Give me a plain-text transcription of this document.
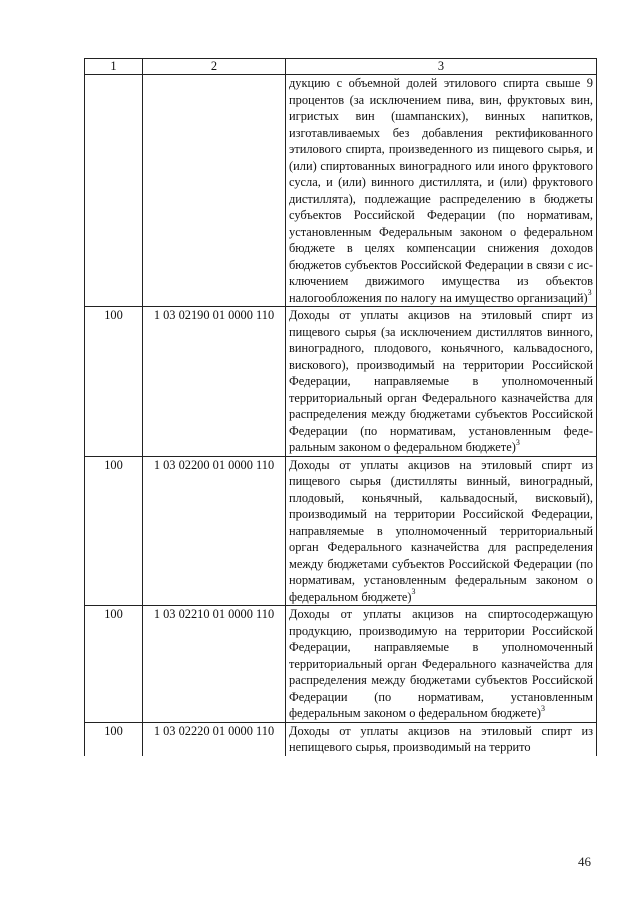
1	2	3
		дукцию с объемной долей этилового спирта свыше 9 процентов (за исключением пива, вин, фруктовых вин, игристых вин (шампанских), винных напитков, изготавливаемых без добавления ректификованного этилового спирта, произведенного из пищевого сырья, и (или) спиртованных виноградного или иного фруктового сусла, и (или) винного дистиллята, и (или) фруктового дистиллята), подлежащие распределению в бюджеты субъектов Российской Федерации (по нормативам, установленным Федеральным законом о федеральном бюджете в целях компенсации снижения доходов бюджетов субъектов Российской Федерации в связи с исключением движимого имущества из объектов налогообложения по налогу на имущество организаций)$^3$
100	1 03 02190 01 0000 110	Доходы от уплаты акцизов на этиловый спирт из пищевого сырья (за исключением дистиллятов винного, виноградного, плодового, коньячного, кальвадосного, вискового), производимый на территории Российской Федерации, направляемые в уполномоченный территориальный орган Федерального казначейства для распределения между бюджетами субъектов Российской Федерации (по нормативам, установленным федеральным законом о федеральном бюджете)$^3$
100	1 03 02200 01 0000 110	Доходы от уплаты акцизов на этиловый спирт из пищевого сырья (дистилляты винный, виноградный, плодовый, коньячный, кальвадосный, висковый), производимый на территории Российской Федерации, направляемые в уполномоченный территориальный орган Федерального казначейства для распределения между бюджетами субъектов Российской Федерации (по нормативам, установленным федеральным законом о федеральном бюджете)$^3$
100	1 03 02210 01 0000 110	Доходы от уплаты акцизов на спиртосодержащую продукцию, производимую на территории Российской Федерации, направляемые в уполномоченный территориальный орган Федерального казначейства для распределения между бюджетами субъектов Российской Федерации (по нормативам, установленным федеральным законом о федеральном бюджете)$^3$
100	1 03 02220 01 0000 110	Доходы от уплаты акцизов на этиловый спирт из непищевого сырья, производимый на террито
46
